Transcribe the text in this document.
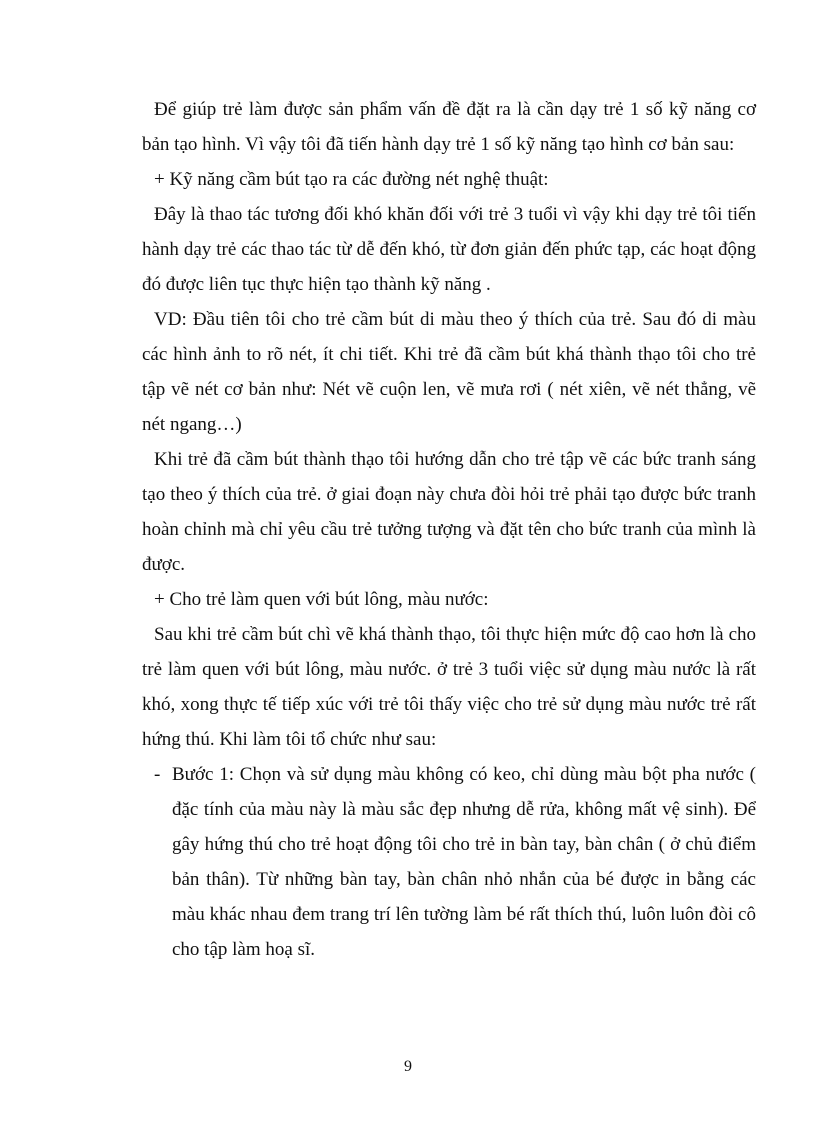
Để giúp trẻ làm được sản phẩm vấn đề đặt ra là cần dạy trẻ 1 số kỹ năng cơ bản tạo hình. Vì vậy tôi đã tiến hành dạy trẻ 1 số kỹ năng tạo hình cơ bản sau:

+ Kỹ năng cầm bút tạo ra các đường nét nghệ thuật:

Đây là thao tác tương đối khó khăn đối với trẻ 3 tuổi vì vậy khi dạy trẻ tôi tiến hành dạy trẻ các thao tác từ dễ đến khó, từ đơn giản đến phức tạp, các hoạt động đó được liên tục thực hiện tạo thành kỹ năng .

VD: Đầu tiên tôi cho trẻ cầm bút di màu theo ý thích của trẻ. Sau đó di màu các hình ảnh to rõ nét, ít chi tiết. Khi trẻ đã cầm bút khá thành thạo tôi cho trẻ tập vẽ nét cơ bản như: Nét vẽ cuộn len, vẽ mưa rơi ( nét xiên, vẽ nét thẳng, vẽ nét ngang…)

Khi trẻ đã cầm bút thành thạo tôi hướng dẫn cho trẻ tập vẽ các bức tranh sáng tạo theo ý thích của trẻ. ở giai đoạn này chưa đòi hỏi trẻ phải tạo được bức tranh hoàn chỉnh mà chỉ yêu cầu trẻ tưởng tượng và đặt tên cho bức tranh của mình là được.

+ Cho trẻ làm quen với bút lông, màu nước:

Sau khi trẻ cầm bút chì vẽ khá thành thạo, tôi thực hiện mức độ cao hơn là cho trẻ làm quen với bút lông, màu nước. ở trẻ 3 tuổi việc sử dụng màu nước là rất khó, xong thực tế tiếp xúc với trẻ tôi thấy việc cho trẻ sử dụng màu nước trẻ rất hứng thú. Khi làm tôi tổ chức như sau:

- Bước 1: Chọn và sử dụng màu không có keo, chỉ dùng màu bột pha nước ( đặc tính của màu này là màu sắc đẹp nhưng dễ rửa, không mất vệ sinh). Để gây hứng thú cho trẻ hoạt động tôi cho trẻ in bàn tay, bàn chân ( ở chủ điểm bản thân). Từ những bàn tay, bàn chân nhỏ nhắn của bé được in bằng các màu khác nhau đem trang trí lên tường làm bé rất thích thú, luôn luôn đòi cô cho tập làm hoạ sĩ.
9
